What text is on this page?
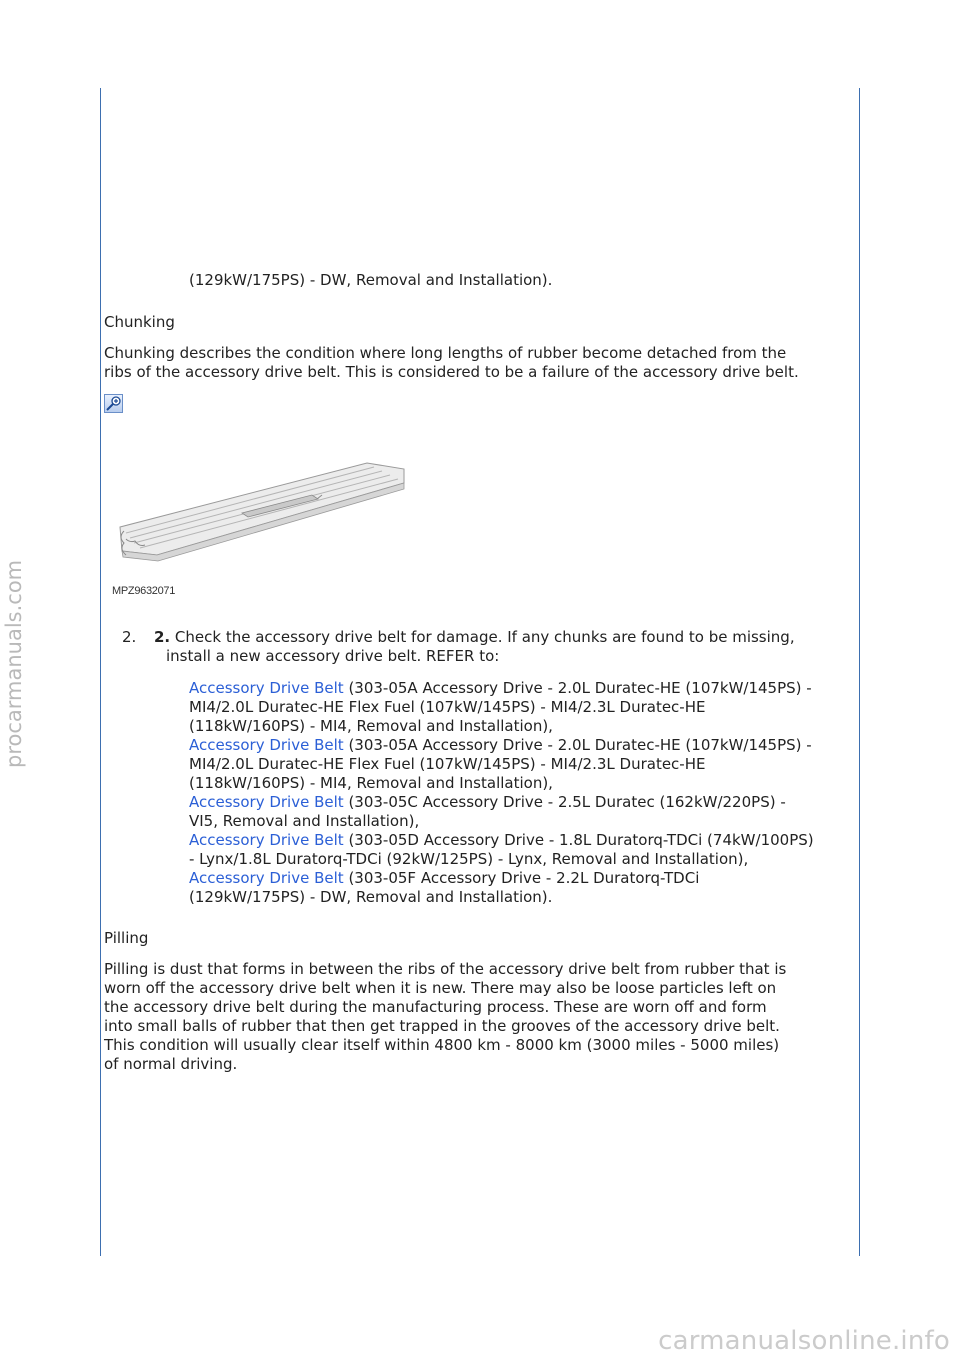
procarmanuals.com
carmanualsonline.info
(129kW/175PS) - DW, Removal and Installation).
Chunking
Chunking describes the condition where long lengths of rubber become detached from the
ribs of the accessory drive belt. This is considered to be a failure of the accessory drive belt.
MPZ9632071
2. 2. Check the accessory drive belt for damage. If any chunks are found to be missing,
install a new accessory drive belt. REFER to:

Accessory Drive Belt (303-05A Accessory Drive - 2.0L Duratec-HE (107kW/145PS) -

MI4/2.0L Duratec-HE Flex Fuel (107kW/145PS) - MI4/2.3L Duratec-HE

(118kW/160PS) - MI4, Removal and Installation),

Accessory Drive Belt (303-05A Accessory Drive - 2.0L Duratec-HE (107kW/145PS) -

MI4/2.0L Duratec-HE Flex Fuel (107kW/145PS) - MI4/2.3L Duratec-HE

(118kW/160PS) - MI4, Removal and Installation),

Accessory Drive Belt (303-05C Accessory Drive - 2.5L Duratec (162kW/220PS) -

VI5, Removal and Installation),

Accessory Drive Belt (303-05D Accessory Drive - 1.8L Duratorq-TDCi (74kW/100PS)

- Lynx/1.8L Duratorq-TDCi (92kW/125PS) - Lynx, Removal and Installation),

Accessory Drive Belt (303-05F Accessory Drive - 2.2L Duratorq-TDCi

(129kW/175PS) - DW, Removal and Installation).

Pilling
Pilling is dust that forms in between the ribs of the accessory drive belt from rubber that is
worn off the accessory drive belt when it is new. There may also be loose particles left on
the accessory drive belt during the manufacturing process. These are worn off and form
into small balls of rubber that then get trapped in the grooves of the accessory drive belt.
This condition will usually clear itself within 4800 km - 8000 km (3000 miles - 5000 miles)
of normal driving.
